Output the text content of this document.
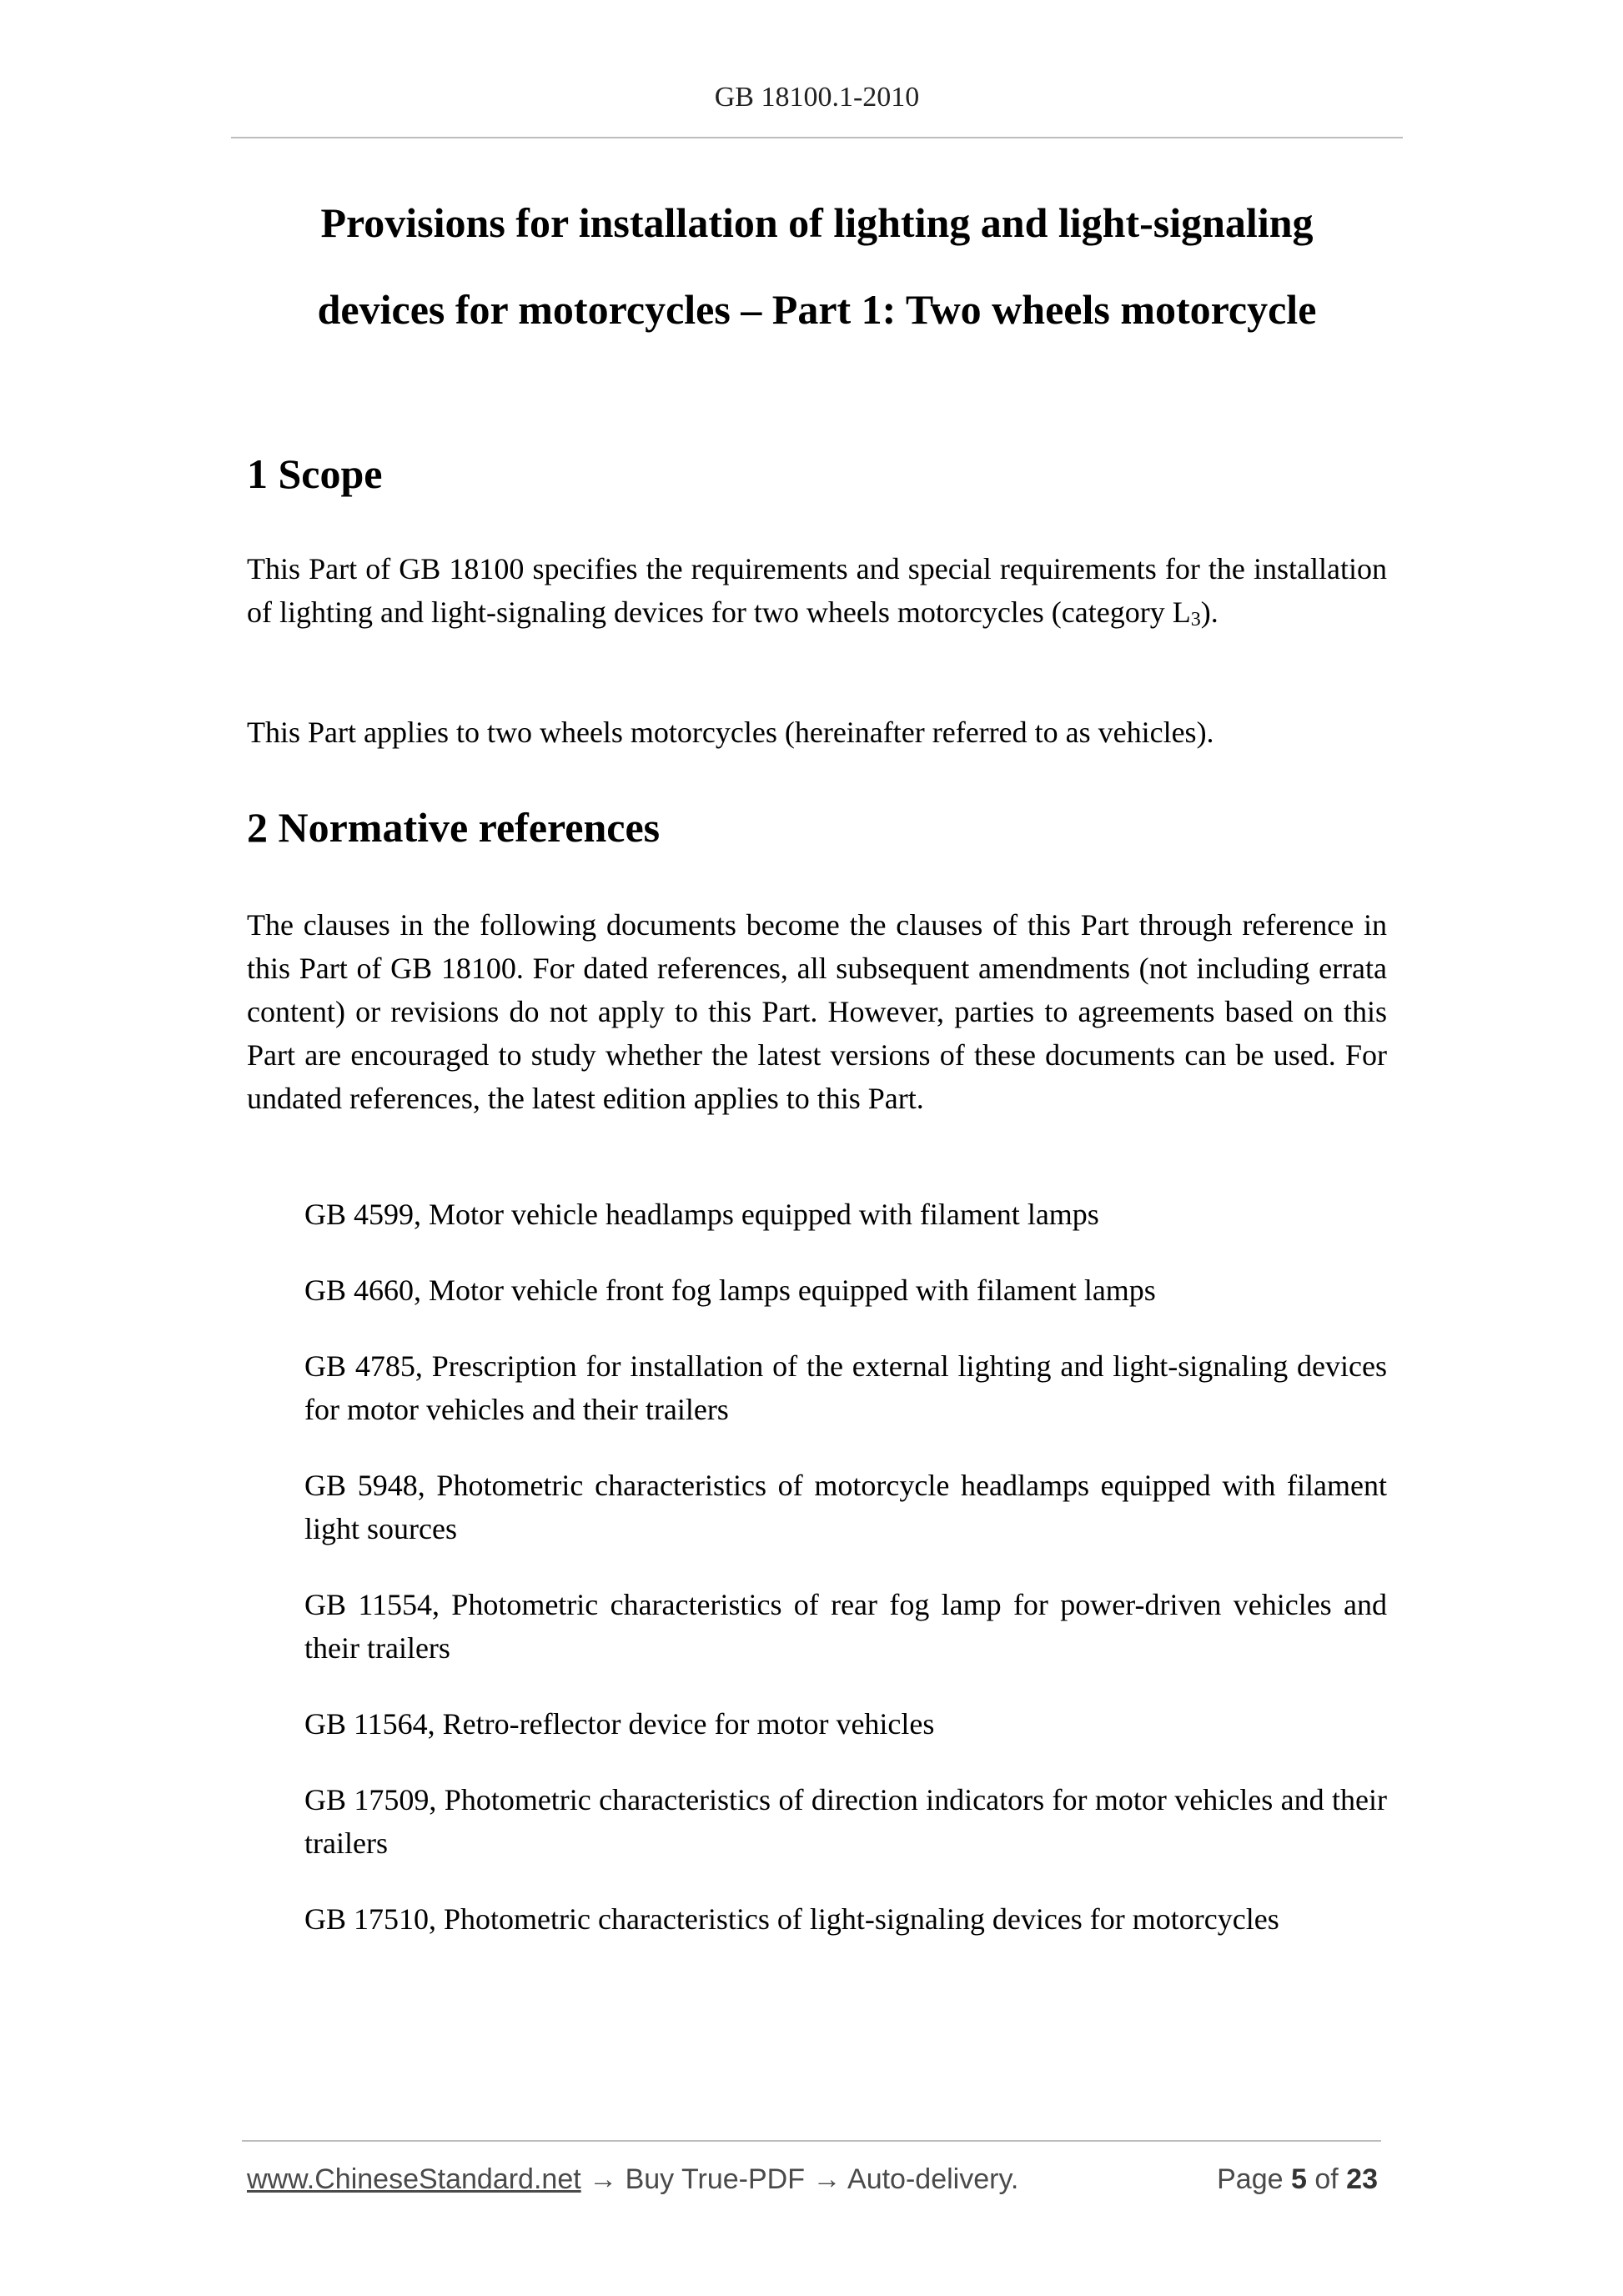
GB 18100.1-2010
Provisions for installation of lighting and light-signaling
devices for motorcycles – Part 1: Two wheels motorcycle
1 Scope

This Part of GB 18100 specifies the requirements and special requirements for the installation of lighting and light-signaling devices for two wheels motorcycles (category $L_3$).

This Part applies to two wheels motorcycles (hereinafter referred to as vehicles).

2 Normative references

The clauses in the following documents become the clauses of this Part through reference in this Part of GB 18100. For dated references, all subsequent amendments (not including errata content) or revisions do not apply to this Part. However, parties to agreements based on this Part are encouraged to study whether the latest versions of these documents can be used. For undated references, the latest edition applies to this Part.

GB 4599, Motor vehicle headlamps equipped with filament lamps
GB 4660, Motor vehicle front fog lamps equipped with filament lamps
GB 4785, Prescription for installation of the external lighting and light-signaling devices for motor vehicles and their trailers
GB 5948, Photometric characteristics of motorcycle headlamps equipped with filament light sources
GB 11554, Photometric characteristics of rear fog lamp for power-driven vehicles and their trailers
GB 11564, Retro-reflector device for motor vehicles
GB 17509, Photometric characteristics of direction indicators for motor vehicles and their trailers
GB 17510, Photometric characteristics of light-signaling devices for motorcycles
www.ChineseStandard.net → Buy True-PDF → Auto-delivery.	Page 5 of 23
